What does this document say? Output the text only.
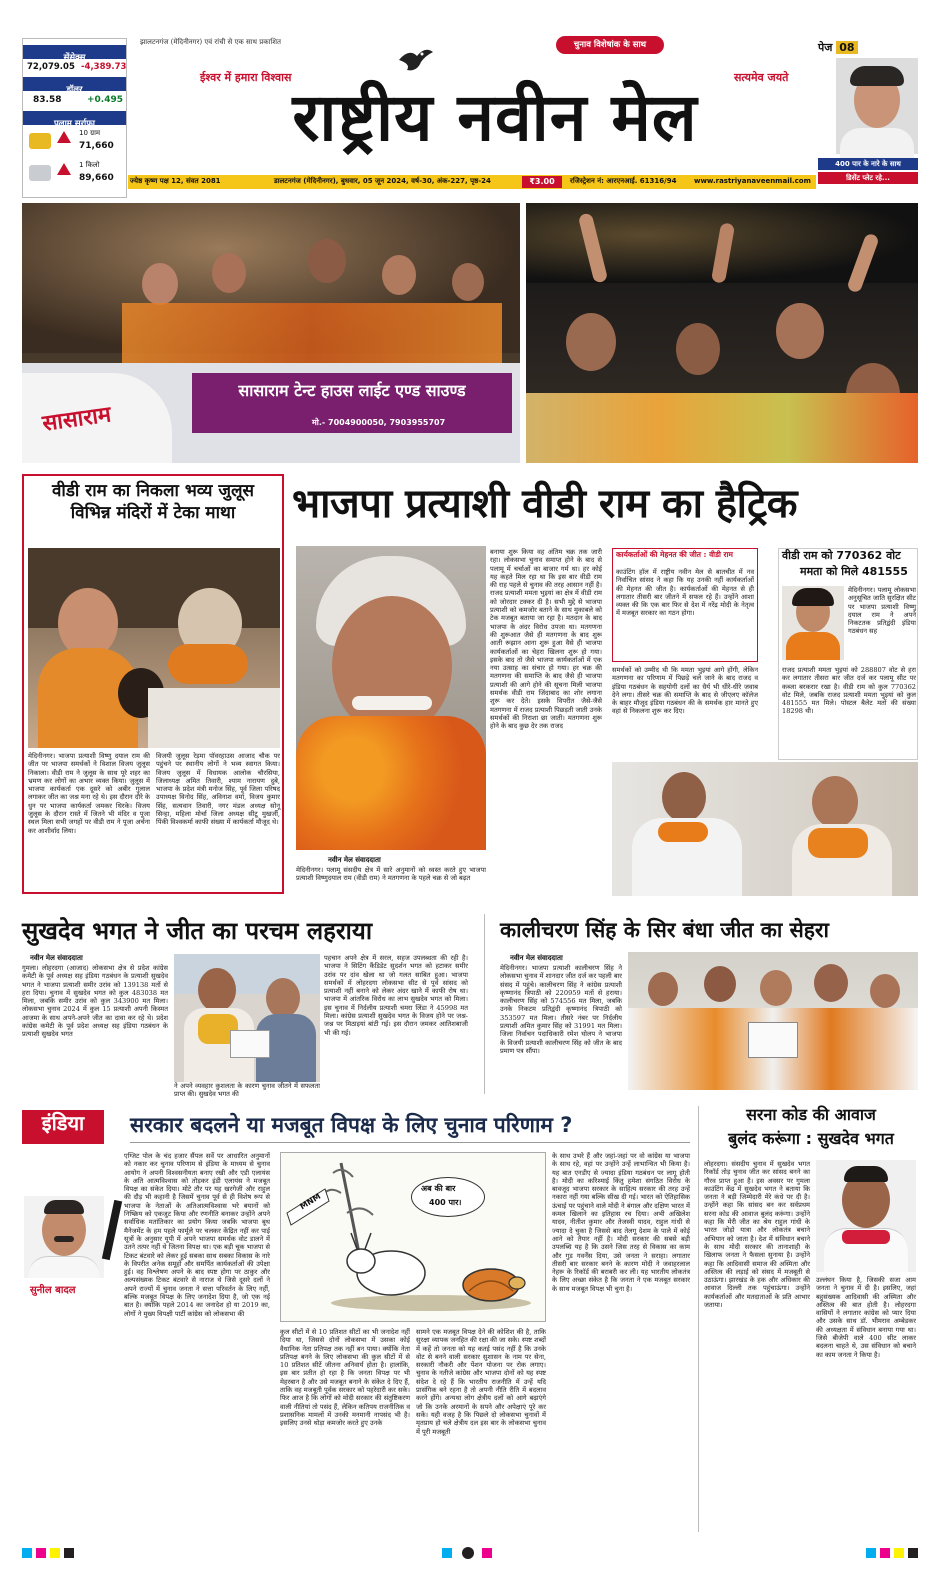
झालटनगंज (मेदिनीनगर) एवं रांची से एक साथ प्रकाशित
सेंसेक्स
72,079.05 -4,389.73
डॉलर
83.58	+0.495
पलामू सर्राफा
10 ग्राम
71,660
1 किलो
89,660
चुनाव विशेषांक के साथ
ईश्वर में हमारा विश्वास	सत्यमेव जयते
राष्ट्रीय नवीन मेल
पेज 08
400 पार के नारे के साथ
डिसेंट प्लेट रहे...
ज्येष्ठ कृष्ण पक्ष 12, संवत 2081	डालटनगंज (मेदिनीनगर), बुधवार, 05 जून 2024, वर्ष-30, अंक-227, पृष्ठ-24	₹3.00	रजिस्ट्रेशन नं: आरएनआई. 61316/94	www.rastriyanaveenmail.com
सासाराम
सासाराम टेन्ट हाउस लाईट एण्ड साउण्ड
मो.- 7004900050, 7903955707
वीडी राम का निकला भव्य जुलूस
विभिन्न मंदिरों में टेका माथा
मेदिनीनगर। भाजपा प्रत्याशी विष्णु दयाल राम की जीत पर भाजपा समर्थकों ने विशाल विजय जुलूस निकाला। वीडी राम ने जुलूस के साथ पूरे शहर का भ्रमण कर लोगों का अभार व्यक्त किया। जुलूस में भाजपा कार्यकर्ता एक दूसरे को अबीर गुलाल लगाकर जीत का जश्न मना रहे थे। इस दौरान दौरे के धुन पर भाजपा कार्यकर्ता जमकर थिरके। विजय जुलूस के दौरान रास्ते में जितने भी मंदिर व पूजा स्थल मिला सभी जगहों पर वीडी राम ने पूजा अर्चना कर आशीर्वाद लिया।
विजयी जुलूस रेड़मा पॉवरहाउस आजाद चौक पर पहुंचने पर स्थानीय लोगों ने भव्य स्वागत किया। विजय जुलूस में विधायक आलोक चौरसिया, जिलाध्यक्ष अमित तिवारी, श्याम नारायण दुबे, भाजपा के प्रदेश मंत्री मनोज सिंह, पूर्व जिला परिषद उपाध्यक्ष विनोद सिंह, अविनाश वर्मा, विजय कुमार सिंह, सत्यवान तिवारी, नगर मंडल अध्यक्ष सोनू सिन्हा, महिला मोर्चा जिला अध्यक्ष सीटू मुखर्जी, पिंकी विश्वकर्मा काफी संख्या में कार्यकर्ता मौजूद थे।
भाजपा प्रत्याशी वीडी राम का हैट्रिक
नवीन मेल संवाददाता
मेदिनीनगर। पलामू संसदीय क्षेत्र में सारे अनुमानों को ध्वस्त करते हुए भाजपा प्रत्याशी विष्णुदयाल राम (वीडी राम) ने मतगणना के पहले चक्र से जो बढ़त
बनाया शुरू किया वह अंतिम चक्र तक जारी रहा। लोकसभा चुनाव समाप्त होने के बाद से पलामू में चर्चाओं का बाजार गर्म था। हर कोई यह कहते मिल रहा था कि इस बार वीडी राम की राह पहले से चुनाव की तरह आसान नहीं है। राजद प्रत्याशी ममता भुइयां का क्षेत्र में वीडी राम को जोरदार टक्कर दी है। सभी मुद्दे से भाजपा प्रत्याशी को कमजोर बताने के साथ मुकाबले को टेक मजबूत बताया जा रहा है। मतदान के बाद भाजपा के अंदर विरोध उपजा था। मतगणना की शुरूआत जैसे ही मतगणना के बाद शुरू आती रूझान आना शुरू हुआ वैसे ही भाजपा कार्यकर्ताओं का चेहरा खिलना शुरू हो गया। इसके बाद तो जैसे भाजपा कार्यकर्ताओं में एक नया उत्साह का संचार हो गया। हर चक्र की मतगणना की समाप्ति के बाद जैसे ही भाजपा प्रत्याशी की आगे होने की सूचना मिली भाजपा समर्थक वीडी राम जिंदाबाद का शोर लगाना शुरू कर देते। इसके विपरीत जैसे-जैसे मतगणना में राजद प्रत्याशी पिछड़ती जाती उनके समर्थकों की निराशा छा जाती। मतगणना शुरू होने के बाद कुछ देर तक राजद
कार्यकर्ताओं की मेहनत की जीत : वीडी राम
काउंटिंग हॉल में राष्ट्रीय नवीन मेल से बातचीत में नव निर्वाचित सांसद ने कहा कि यह उनकी नहीं कार्यकर्ताओं की मेहनत की जीत है। कार्यकर्ताओं की मेहनत से ही लगातार तीसरी बार जीतने में सफल रहे हैं। उन्होंने आशा व्यक्त की कि एक बार फिर से देश में नरेंद्र मोदी के नेतृत्व में मजबूत सरकार का गठन होगा।
समर्थकों को उम्मीद थी कि ममता भुइयां आगे होंगी, लेकिन मतगणना का परिणाम में पिछड़े चले जाने के बाद राजद व इंडिया गठबंधन के सहयोगी दलों का धैर्य भी धीरे-धीरे जवाब देने लगा। तीसरे चक्र की समाप्ति के बाद से जीएलए कॉलेज के बाहर मौजूद इंडिया गठबंधन की के समर्थक हार मानते हुए वहां से निकलना शुरू कर दिए।
वीडी राम को 770362 वोट
ममता को मिले 481555
मेदिनीनगर। पलामू लोकसभा अनुसूचित जाति सुरक्षित सीट पर भाजपा प्रत्याशी विष्णु दयाल राम ने अपने निकटतक प्रतिद्वंदी इंडिया गठबंधन सह
राजद प्रत्याशी ममता भुइयां को 288807 वोट से हरा कर लगातार तीसरा बार जीत दर्ज कर पलामू सीट पर कब्जा बरकरार रखा है। वीडी राम को कुल 770362 वोट मिले, जबकि राजद प्रत्याशी ममता भुइयां को कुल 481555 मत मिले। पोस्टल बैलेट मतों की संख्या 18298 थी।
सुखदेव भगत ने जीत का परचम लहराया
नवीन मेल संवाददाता
गुमला। लोहरदगा (आजाद) लोकसभा क्षेत्र से प्रदेश कांग्रेस कमेटी के पूर्व अध्यक्ष सह इंडिया गठबंधन के प्रत्याशी सुखदेव भगत ने भाजपा प्रत्याशी समीर उरांव को 139138 मतों से हरा दिया। चुनाव में सुखदेव भगत को कुल 483038 मत मिला, जबकि समीर उरांव को कुल 343900 मत मिला। लोकसभा चुनाव 2024 में कुल 15 प्रत्याशी अपनी किस्मत आजमा के साथ अपने-अपने जीत का दावा कर रहे थे। प्रदेश कांग्रेस कमेटी के पूर्व प्रदेश अध्यक्ष सह इंडिया गठबंधन के प्रत्याशी सुखदेव भगत
ने अपने व्यवहार कुशलता के कारण चुनाव जीतने में सफलता प्राप्त की। सुखदेव भगत की
पहचान अपने क्षेत्र में सरल, सहज उपलब्धता की रही है। भाजपा ने सिटिंग कैंडिडेट सुदर्शन भगत को हटाकर समीर उरांव पर दांव खेला था जो गलत साबित हुआ। भाजपा समर्थकों में लोहरदगा लोकसभा सीट से पूर्व सांसद को प्रत्याशी नहीं बनाने को लेकर अंदर खाने में काफी रोष था। भाजपा में आंतरिक विरोध का लाभ सुखदेव भगत को मिला। इस चुनाव में निर्दलीय प्रत्याशी चमरा लिंडा ने 45998 मत मिला। कांग्रेस प्रत्याशी सुखदेव भगत के विजय होने पर जश्न-जश्न पर मिठाइयां बांटी गई। इस दौरान जमकर आतिशबाजी भी की गई।
कालीचरण सिंह के सिर बंधा जीत का सेहरा
नवीन मेल संवाददाता
मेदिनीनगर। भाजपा प्रत्याशी कालीचरण सिंह ने लोकसभा चुनाव में शानदार जीत दर्ज कर पहली बार संसद में पहुंचे। कालीचरण सिंह ने कांग्रेस प्रत्याशी कृष्णानंद त्रिपाठी को 220959 मतों से हराया। कालीचरण सिंह को 574556 मत मिला, जबकि उनके निकटम प्रतिद्वंदी कृष्णानंद त्रिपाठी को 353597 मत मिला। तीसरे नंबर पर निर्दलीय प्रत्याशी अमित कुमार सिंह को 31991 मत मिला। जिला निर्वाचन पदाधिकारी रमेश घोलप ने भाजपा के विजयी प्रत्याशी कालीचरण सिंह को जीत के बाद प्रमाण पत्र सौंपा।
इंडिया	सरकार बदलने या मजबूत विपक्ष के लिए चुनाव परिणाम ?
सुनील बादल
एग्जिट पोल के चंद हजार सैंपल सर्वे पर आधारित अनुमानों को नकार कर चुनाव परिणाम से इंडिया के माध्यम से चुनाव आयोग ने अपनी विश्वसनीयता बनाए रखी और एडी एलायंस के अति आत्मविश्वास को तोड़कर इंडी एलायंस ने मजबूत विपक्ष का संकेत दिया। मोटे तौर पर यह खरगेजी और राहुल की दौड़ भी कहानी है जिसमें चुनाव पूर्व से ही विशेष रूप से भाजपा के नेताओं के अतिआत्मविश्वास भरे बयानों को निष्क्रिय को एकजुट किया और रणनीति बनाकर उन्होंने अपने सर्वाधिक मतांतिकार का प्रयोग किया जबकि भाजपा बूथ मैनेजमेंट के हम पहले फार्मूले पर चलकर केंद्रित नहीं कर पाई सूत्रों के अनुसार यूपी में अपने भाजपा समर्थक वोट डालने में उतने तत्पर नहीं थे जितना विपक्ष था। एक बड़ी चूक भाजपा से टिकट बंटवारे को लेकर हुई सबका साथ सबका विकास के नारे के विपरीत अनेक समूहों और समर्पित कार्यकर्ताओं की उपेक्षा हुई। वह विश्लेषण अपने के बाद स्पष्ट होगा पर ठाकुर और अल्पसंख्यक टिकट बंटवारे से नाराज थे जिसे दूसरे दलों ने अपने राज्यों में चुनाव जनता ने सत्ता परिवर्तन के लिए नहीं, बल्कि मजबूत विपक्ष के लिए जनादेश दिया है, जो एक नई बात है। क्योंकि पहले 2014 का जनादेश हो या 2019 का, लोगों ने मुख्य विपक्षी पार्टी कांग्रेस को लोकसभा की
MNM
अब की बार
400 पार।
कुल सीटों में से 10 प्रतिशत सीटों का भी जनादेश नहीं दिया था, जिससे दोनों लोकसभा में उसका कोई वैधानिक नेता प्रतिपक्ष तक नहीं बन पाया। क्योंकि नेता प्रतिपक्ष बनने के लिए लोकसभा की कुल सीटों में से 10 प्रतिशत सीटें जीतना अनिवार्य होता है। हालांकि, इस बार प्रतीत हो रहा है कि जनता विपक्ष पर भी मेहरबान है और उसे मजबूत बनाने के संकेत दे दिए हैं, ताकि वह मजबूती पूर्वक सरकार को पहरेदारी कर सके। फिर आज है कि लोगों को मोदी सरकार की संतुष्टिकरण वाली नीतियां तो पसंद हैं, लेकिन कतिपय राजनीतिक व प्रशासनिक मामलों में उनकी मनमानी नापसंद भी है। इसलिए उनसे थोड़ा कमजोर करते हुए उनके
सामने एक मजबूत विपक्ष देने की कोशिश की है, ताकि सुरक्षा व्यापक जनहित की रक्षा की जा सके। स्पष्ट शब्दों में कहें तो जनता को यह कतई पसंद नहीं है कि उनके वोट से बनने वाली सरकार सुशासन के नाम पर सेना, सरकारी नौकरी और पेंशन योजना पर रोक लगाए। चुनाव के नतीजे कांग्रेस और भाजपा दोनों को यह स्पष्ट संदेश दे रहे हैं कि भारतीय राजनीति में उन्हें यदि प्रासंगिक बने रहना है तो अपनी नीति रीति में बदलाव करने होंगे। अन्यथा लोग क्षेत्रीय दलों को आगे बढ़ाएंगे जो कि उनके अरमानों के सपने और अपेक्षाएं पूरे कर सकें। यही वजह है कि पिछले दो लोकसभा चुनावों में मृतप्राय हो चले क्षेत्रीय दल इस बार के लोकसभा चुनाव में पूरी मजबूती
के साथ उभरे हैं और जहां-जहां पर वो कांग्रेस या भाजपा के साथ रहे, वहां पर उन्होंने उन्हें लाभान्वित भी किया है। यह बात एनडीए से ज्यादा इंडिया गठबंधन पर लागू होती है। मोदी का करिश्माई किंतु हमेशा संगठित विरोध के बावजूद भाजपा सरकार के साहित्य सरकार की तरह उन्हें नकारा नहीं गया बल्कि सीख दी गई। भारत को ऐतिहासिक ऊंचाई पर पहुंचाने वाले मोदी ने बंगाल और दक्षिण भारत में कमल खिलाने का इतिहास रच दिया। अभी अखिलेश यादव, नीतीश कुमार और तेजस्वी यादव, राहुल गांधी से ज्यादा दे चुका है जिससे बाद तेलगू देशम के पाले में कोई आने को तैयार नहीं है। मोदी सरकार की सबसे बड़ी उपलब्धि यह है कि उसने जिस तरह से विकास का काम और गुड गवर्नेंस दिया, उसे जनता ने सराहा। लगातार तीसरी बार सरकार बनने के कारण मोदी ने जवाहरलाल नेहरू के रिकॉर्ड की बराबरी कर ली। यह भारतीय लोकतंत्र के लिए अच्छा संकेत है कि जनता ने एक मजबूत सरकार के साथ मजबूत विपक्ष भी चुना है।
सरना कोड की आवाज
बुलंद करूंगा : सुखदेव भगत
लोहरदगा। संसदीय चुनाव में सुखदेव भगत रिकॉर्ड तोड़ चुनाव जीत कर सांसद बनने का गौरव प्राप्त हुआ है। इस अवसर पर गुमला काउंटिंग केंद्र में सुखदेव भगत ने बताया कि जनता ने बड़ी जिम्मेदारी मेरे कंधे पर दी है। उन्होंने कहा कि सांसद बन कर सर्वप्रथम सरना कोड की आवाज बुलंद करूंगा। उन्होंने कहा कि मेरी जीत का श्रेय राहुल गांधी के भारत जोड़ो यात्रा और लोकतंत्र बचाने अभियान को जाता है। देश में संविधान बचाने के साथ मोदी सरकार की तानाशाही के खिलाफ जनता ने फैसला सुनाया है। उन्होंने कहा कि आदिवासी समाज की अस्मिता और अस्तित्व की लड़ाई को संसद में मजबूती से उठाऊंगा। झारखंड के हक और अधिकार की आवाज दिल्ली तक पहुंचाऊंगा। उन्होंने कार्यकर्ताओं और मतदाताओं के प्रति आभार जताया।
उल्लंघन किया है, जिसकी सजा आम जनता ने चुनाव में दी है। इसलिए, जहां बहुसंख्यक आदिवासी की अस्मिता और अस्तित्व की बात होती है। लोहरदगा वासियों ने लगातार कांग्रेस को प्यार दिया और उसके साथ डॉ. भीमराव अम्बेडकर की अध्यक्षता में संविधान बनाया गया था। जिसे बीजेपी वाले 400 सीट लाकर बदलना चाहते थे, उस संविधान को बचाने का काम जनता ने किया है।
